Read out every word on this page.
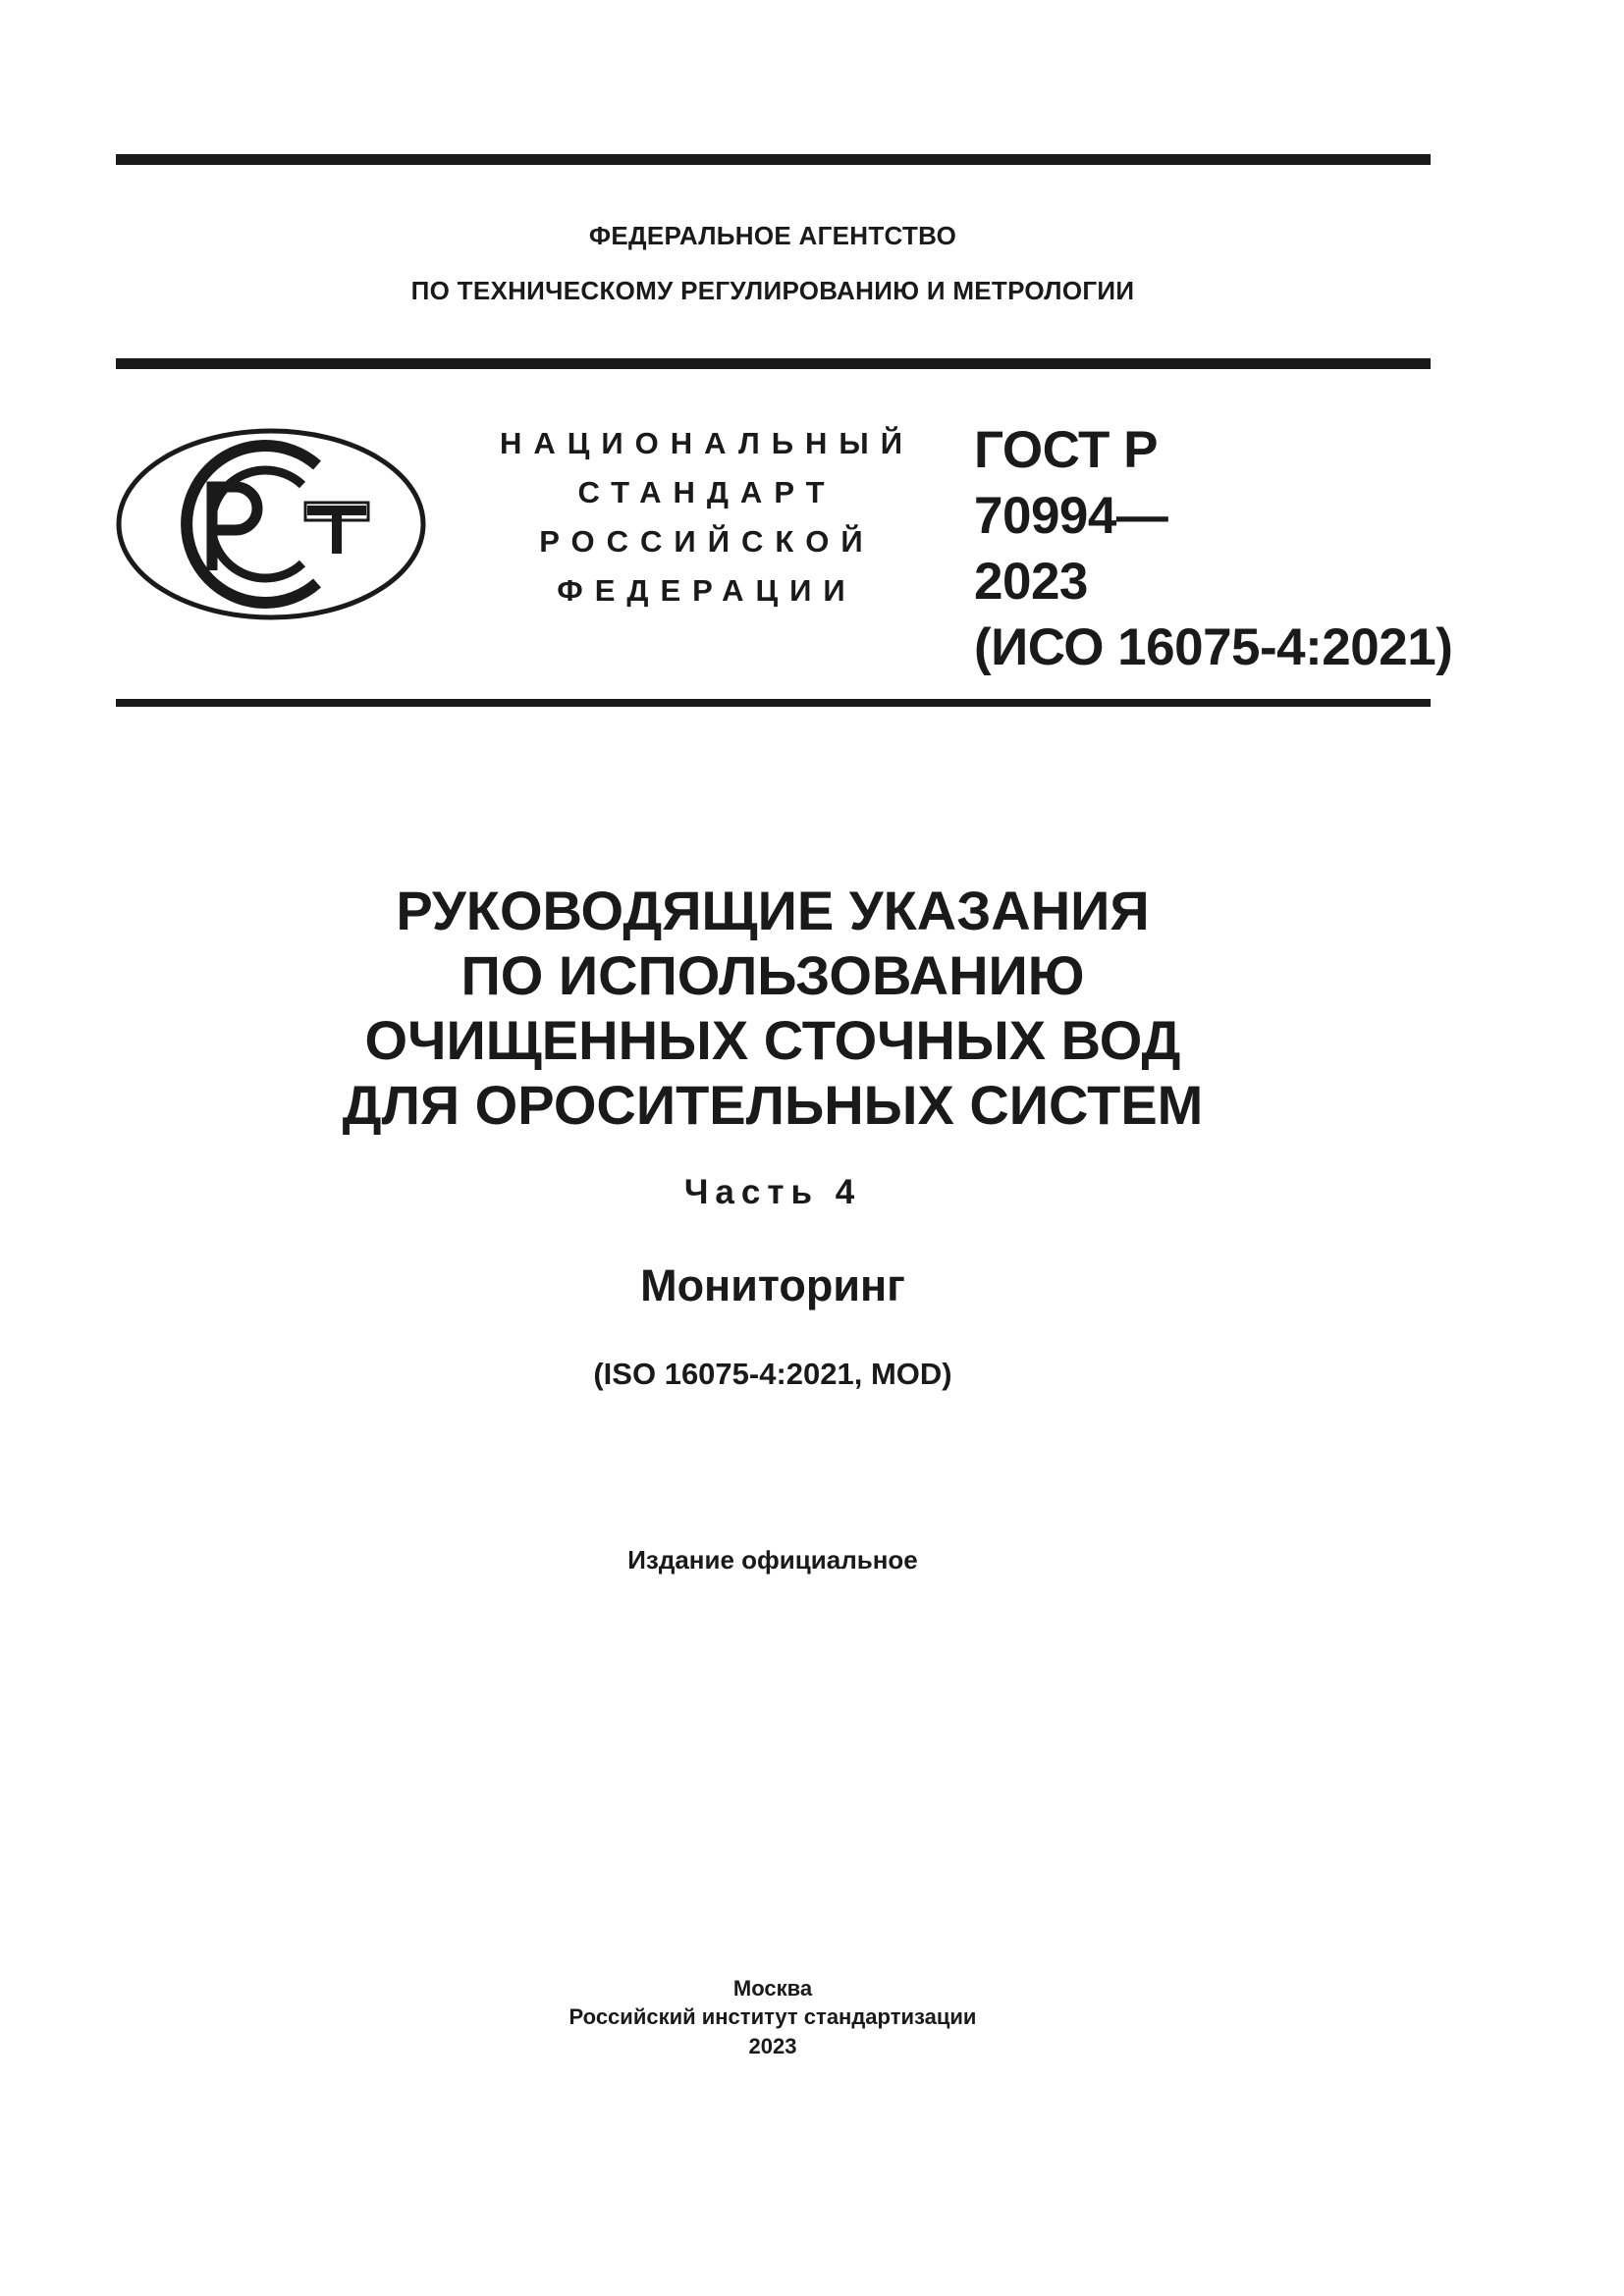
ФЕДЕРАЛЬНОЕ АГЕНТСТВО
ПО ТЕХНИЧЕСКОМУ РЕГУЛИРОВАНИЮ И МЕТРОЛОГИИ
НАЦИОНАЛЬНЫЙ
СТАНДАРТ
РОССИЙСКОЙ
ФЕДЕРАЦИИ
ГОСТ Р
70994—
2023
(ИСО 16075-4:2021)
РУКОВОДЯЩИЕ УКАЗАНИЯ
ПО ИСПОЛЬЗОВАНИЮ
ОЧИЩЕННЫХ СТОЧНЫХ ВОД
ДЛЯ ОРОСИТЕЛЬНЫХ СИСТЕМ
Часть 4
Мониторинг
(ISO 16075-4:2021, MOD)
Издание официальное
Москва
Российский институт стандартизации
2023
